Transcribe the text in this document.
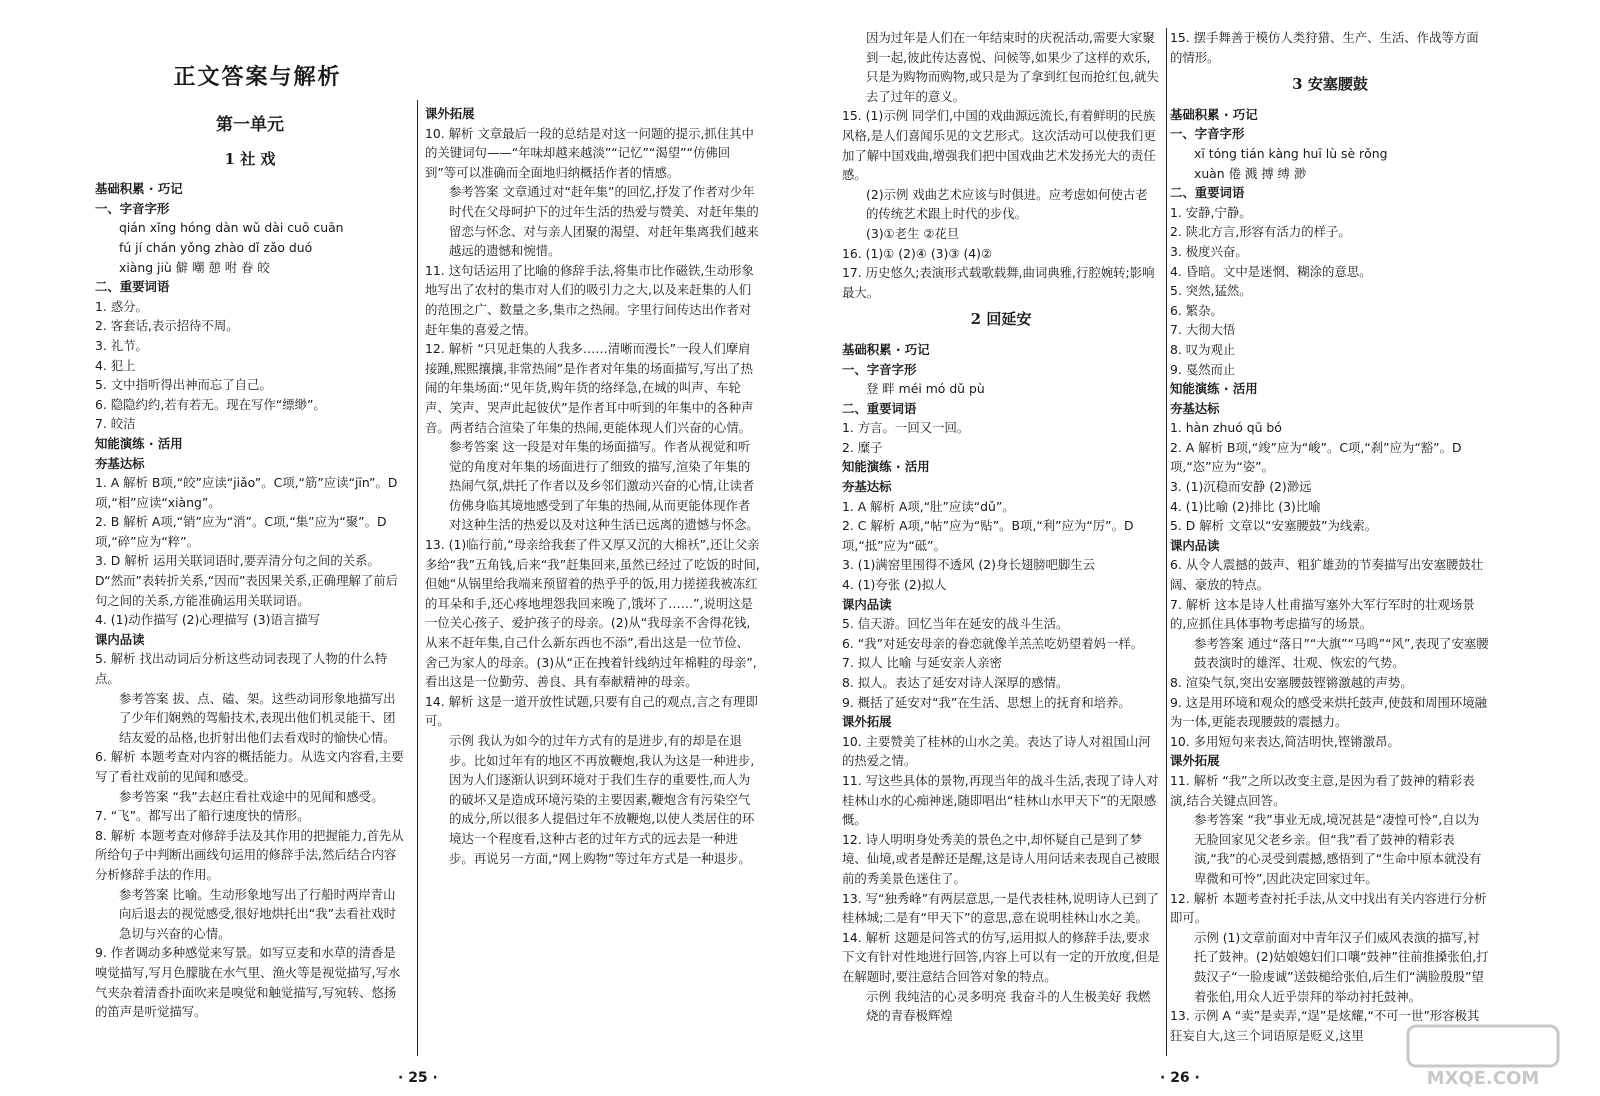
正文答案与解析
第一单元
1 社 戏
基础积累 · 巧记
一、字音字形
qián xǐng hóng dàn wǔ dài cuō cuān
fú jí chán yǒng zhào dǐ zǎo duó
xiàng jiù 僻 嘲 憩 咐 眷 皎
二、重要词语
1. 惑分。
2. 客套话,表示招待不周。
3. 礼节。
4. 犯上
5. 文中指听得出神而忘了自己。
6. 隐隐约约,若有若无。现在写作“缥缈”。
7. 皎洁
知能演练 · 活用
夯基达标
1. A 解析 B项,“皎”应读“jiǎo”。C项,“筋”应读“jīn”。D项,“相”应读“xiàng”。
2. B 解析 A项,“销”应为“消”。C项,“集”应为“聚”。D项,“碎”应为“粹”。
3. D 解析 运用关联词语时,要弄清分句之间的关系。D“然而”表转折关系,“因而”表因果关系,正确理解了前后句之间的关系,方能准确运用关联词语。
4. (1)动作描写 (2)心理描写 (3)语言描写
课内品读
5. 解析 找出动词后分析这些动词表现了人物的什么特点。
参考答案 拔、点、磕、架。这些动词形象地描写出了少年们娴熟的驾船技术,表现出他们机灵能干、团结友爱的品格,也折射出他们去看戏时的愉快心情。
6. 解析 本题考查对内容的概括能力。从选文内容看,主要写了看社戏前的见闻和感受。
参考答案 “我”去赵庄看社戏途中的见闻和感受。
7. “飞”。都写出了船行速度快的情形。
8. 解析 本题考查对修辞手法及其作用的把握能力,首先从所给句子中判断出画线句运用的修辞手法,然后结合内容分析修辞手法的作用。
参考答案 比喻。生动形象地写出了行船时两岸青山向后退去的视觉感受,很好地烘托出“我”去看社戏时急切与兴奋的心情。
9. 作者调动多种感觉来写景。如写豆麦和水草的清香是嗅觉描写,写月色朦胧在水气里、渔火等是视觉描写,写水气夹杂着清香扑面吹来是嗅觉和触觉描写,写宛转、悠扬的笛声是听觉描写。
课外拓展
10. 解析 文章最后一段的总结是对这一问题的提示,抓住其中的关键词句——“年味却越来越淡”“记忆”“渴望”“仿佛回到”等可以准确而全面地归纳概括作者的情感。
参考答案 文章通过对“赶年集”的回忆,抒发了作者对少年时代在父母呵护下的过年生活的热爱与赞美、对赶年集的留恋与怀念、对与亲人团聚的渴望、对赶年集离我们越来越远的遗憾和惋惜。
11. 这句话运用了比喻的修辞手法,将集市比作磁铁,生动形象地写出了农村的集市对人们的吸引力之大,以及来赶集的人们的范围之广、数量之多,集市之热闹。字里行间传达出作者对赶年集的喜爱之情。
12. 解析 “只见赶集的人我多……清晰而漫长”一段人们摩肩接踵,熙熙攘攘,非常热闹”是作者对年集的场面描写,写出了热闹的年集场面:“见年货,购年货的络绎急,在城的叫声、车轮声、笑声、哭声此起彼伏”是作者耳中听到的年集中的各种声音。两者结合渲染了年集的热闹,更能体现人们兴奋的心情。
参考答案 这一段是对年集的场面描写。作者从视觉和听觉的角度对年集的场面进行了细致的描写,渲染了年集的热闹气氛,烘托了作者以及乡邻们激动兴奋的心情,让读者仿佛身临其境地感受到了年集的热闹,从而更能体现作者对这种生活的热爱以及对这种生活已远离的遗憾与怀念。
13. (1)临行前,“母亲给我套了件又厚又沉的大棉袄”,还让父亲多给“我”五角钱,后来“我”赶集回来,虽然已经过了吃饭的时间,但她“从锅里给我端来预留着的热乎乎的饭,用力搓搓我被冻红的耳朵和手,还心疼地埋怨我回来晚了,饿坏了……”,说明这是一位关心孩子、爱护孩子的母亲。(2)从“我母亲不舍得花钱,从来不赶年集,自己什么新东西也不添”,看出这是一位节俭、舍己为家人的母亲。(3)从“正在拽着针线纳过年棉鞋的母亲”,看出这是一位勤劳、善良、具有奉献精神的母亲。
14. 解析 这是一道开放性试题,只要有自己的观点,言之有理即可。
示例 我认为如今的过年方式有的是进步,有的却是在退步。比如过年有的地区不再放鞭炮,我认为这是一种进步,因为人们逐渐认识到环境对于我们生存的重要性,而人为的破坏又是造成环境污染的主要因素,鞭炮含有污染空气的成分,所以很多人提倡过年不放鞭炮,以使人类居住的环境达一个程度看,这种古老的过年方式的远去是一种进步。再说另一方面,“网上购物”等过年方式是一种退步。
因为过年是人们在一年结束时的庆祝活动,需要大家聚到一起,彼此传达喜悦、问候等,如果少了这样的欢乐,只是为购物而购物,或只是为了拿到红包而抢红包,就失去了过年的意义。
15. (1)示例 同学们,中国的戏曲源远流长,有着鲜明的民族风格,是人们喜闻乐见的文艺形式。这次活动可以使我们更加了解中国戏曲,增强我们把中国戏曲艺术发扬光大的责任感。
(2)示例 戏曲艺术应该与时俱进。应考虑如何使古老的传统艺术跟上时代的步伐。
(3)①老生 ②花旦
16. (1)① (2)④ (3)③ (4)②
17. 历史悠久;表演形式载歌载舞,曲词典雅,行腔婉转;影响最大。
2 回延安
基础积累 · 巧记
一、字音字形
登 畔 méi mó dǔ pù
二、重要词语
1. 方言。一回又一回。
2. 糜子
知能演练 · 活用
夯基达标
1. A 解析 A项,“肚”应读“dǔ”。
2. C 解析 A项,“帖”应为“贴”。B项,“利”应为“厉”。D项,“抵”应为“砥”。
3. (1)满窑里围得不透风 (2)身长翅膀吧脚生云
4. (1)夸张 (2)拟人
课内品读
5. 信天游。回忆当年在延安的战斗生活。
6. “我”对延安母亲的眷恋就像羊羔羔吃奶望着妈一样。
7. 拟人 比喻 与延安亲人亲密
8. 拟人。表达了延安对诗人深厚的感情。
9. 概括了延安对“我”在生活、思想上的抚育和培养。
课外拓展
10. 主要赞美了桂林的山水之美。表达了诗人对祖国山河的热爱之情。
11. 写这些具体的景物,再现当年的战斗生活,表现了诗人对桂林山水的心痴神迷,随即唱出“桂林山水甲天下”的无限感慨。
12. 诗人明明身处秀美的景色之中,却怀疑自己是到了梦境、仙境,或者是醉还是醒,这是诗人用问话来表现自己被眼前的秀美景色迷住了。
13. 写“独秀峰”有两层意思,一是代表桂林,说明诗人已到了桂林城;二是有“甲天下”的意思,意在说明桂林山水之美。
14. 解析 这题是问答式的仿写,运用拟人的修辞手法,要求下文有针对性地进行回答,内容上可以有一定的开放度,但是在解题时,要注意结合回答对象的特点。
示例 我纯洁的心灵多明亮 我奋斗的人生极美好 我燃烧的青春极辉煌
15. 摆手舞善于模仿人类狩猎、生产、生活、作战等方面的情形。
3 安塞腰鼓
基础积累 · 巧记
一、字音字形
xī tóng tián kàng huī lù sè rǒng
xuàn 倦 溅 搏 缚 渺
二、重要词语
1. 安静,宁静。
2. 陕北方言,形容有活力的样子。
3. 极度兴奋。
4. 昏暗。文中是迷惘、糊涂的意思。
5. 突然,猛然。
6. 繁杂。
7. 大彻大悟
8. 叹为观止
9. 戛然而止
知能演练 · 活用
夯基达标
1. hàn zhuó qū bó
2. A 解析 B项,“竣”应为“峻”。C项,“刹”应为“豁”。D项,“恣”应为“姿”。
3. (1)沉稳而安静 (2)渺远
4. (1)比喻 (2)排比 (3)比喻
5. D 解析 文章以“安塞腰鼓”为线索。
课内品读
6. 从令人震撼的鼓声、粗犷雄劲的节奏描写出安塞腰鼓壮阔、豪放的特点。
7. 解析 这本是诗人杜甫描写塞外大军行军时的壮观场景的,应抓住具体事物考虑描写的场景。
参考答案 通过“落日”“大旗”“马鸣”“风”,表现了安塞腰鼓表演时的雄浑、壮观、恢宏的气势。
8. 渲染气氛,突出安塞腰鼓铿锵激越的声势。
9. 这是用环境和观众的感受来烘托鼓声,使鼓和周围环境融为一体,更能表现腰鼓的震撼力。
10. 多用短句来表达,简洁明快,铿锵激昂。
课外拓展
11. 解析 “我”之所以改变主意,是因为看了鼓神的精彩表演,结合关键点回答。
参考答案 “我”事业无成,境况甚是“凄惶可怜”,自以为无脸回家见父老乡亲。但“我”看了鼓神的精彩表演,“我”的心灵受到震撼,感悟到了“生命中原本就没有卑微和可怜”,因此决定回家过年。
12. 解析 本题考查衬托手法,从文中找出有关内容进行分析即可。
示例 (1)文章前面对中青年汉子们威风表演的描写,衬托了鼓神。(2)姑娘媳妇们口嚷“鼓神”往前推搡张伯,打鼓汉子“一脸虔诚”送鼓槌给张伯,后生们“满脸殷殷”望着张伯,用众人近乎崇拜的举动衬托鼓神。
13. 示例 A “卖”是卖弄,“逞”是炫耀,“不可一世”形容极其狂妄自大,这三个词语原是贬义,这里
· 25 ·	· 26 ·	MXQE.COM
